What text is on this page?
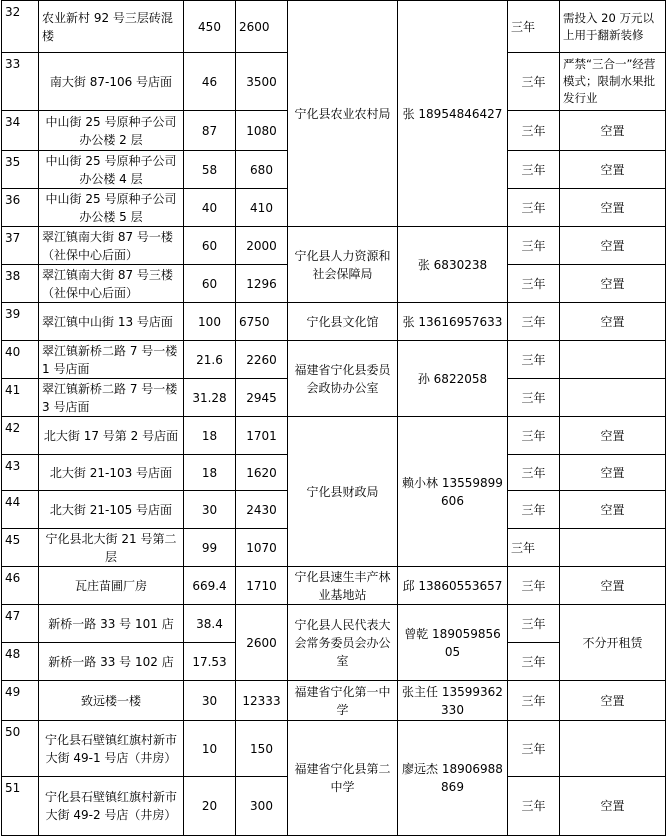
32	农业新村 92 号三层砖混楼	450	2600	宁化县农业农村局	张 18954846427	三年	需投入 20 万元以上用于翻新装修
33	南大街 87-106 号店面	46	3500			三年	严禁“三合一”经营模式；限制水果批发行业
34	中山街 25 号原种子公司办公楼 2 层	87	1080			三年	空置
35	中山街 25 号原种子公司办公楼 4 层	58	680			三年	空置
36	中山街 25 号原种子公司办公楼 5 层	40	410			三年	空置
37	翠江镇南大街 87 号一楼（社保中心后面）	60	2000	宁化县人力资源和社会保障局	张 6830238	三年	空置
38	翠江镇南大街 87 号三楼（社保中心后面）	60	1296			三年	空置
39	翠江镇中山街 13 号店面	100	6750	宁化县文化馆	张 13616957633	三年	空置
40	翠江镇新桥二路 7 号一楼 1 号店面	21.6	2260	福建省宁化县委员会政协办公室	孙 6822058	三年	
41	翠江镇新桥二路 7 号一楼 3 号店面	31.28	2945			三年	
42	北大街 17 号第 2 号店面	18	1701	宁化县财政局	赖小林 13559899606	三年	空置
43	北大街 21-103 号店面	18	1620			三年	空置
44	北大街 21-105 号店面	30	2430			三年	空置
45	宁化县北大街 21 号第二层	99	1070			三年	
46	瓦庄苗圃厂房	669.4	1710	宁化县速生丰产林业基地站	邱 13860553657	三年	空置
47	新桥一路 33 号 101 店	38.4	2600	宁化县人民代表大会常务委员会办公室	曾乾 18905985605	三年	不分开租赁
48	新桥一路 33 号 102 店	17.53				三年	
49	致远楼一楼	30	12333	福建省宁化第一中学	张主任 13599362330	三年	空置
50	宁化县石壁镇红旗村新市大街 49-1 号店（井房）	10	150	福建省宁化县第二中学	廖远杰 18906988869	三年	
51	宁化县石壁镇红旗村新市大街 49-2 号店（井房）	20	300			三年	空置
